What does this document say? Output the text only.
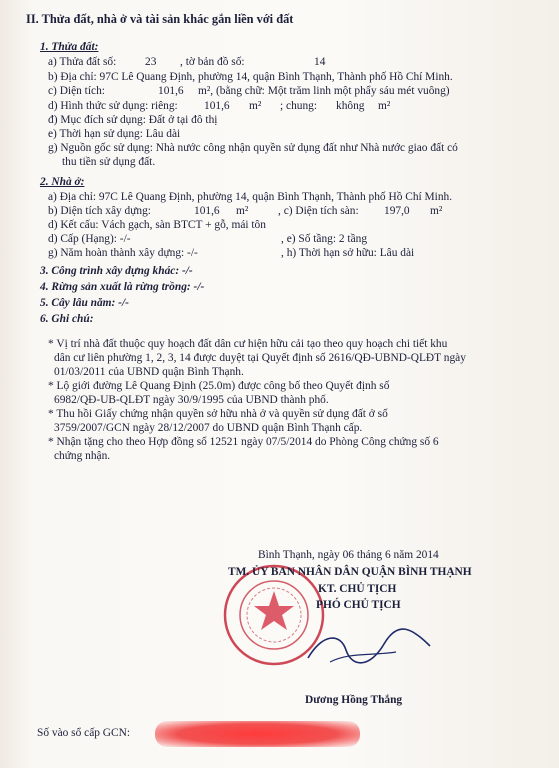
II. Thửa đất, nhà ở và tài sản khác gắn liền với đất
1. Thửa đất:
a) Thửa đất số:	23 , tờ bản đồ số:	14
b) Địa chỉ: 97C Lê Quang Định, phường 14, quận Bình Thạnh, Thành phố Hồ Chí Minh.
c) Diện tích:	101,6 m², (bằng chữ: Một trăm linh một phẩy sáu mét vuông)
d) Hình thức sử dụng: riêng: 101,6 m² ; chung: không m²
đ) Mục đích sử dụng: Đất ở tại đô thị
e) Thời hạn sử dụng: Lâu dài
g) Nguồn gốc sử dụng: Nhà nước công nhận quyền sử dụng đất như Nhà nước giao đất có
thu tiền sử dụng đất.
2. Nhà ở:
a) Địa chỉ: 97C Lê Quang Định, phường 14, quận Bình Thạnh, Thành phố Hồ Chí Minh.
b) Diện tích xây dựng:	101,6 m²	, c) Diện tích sàn: 197,0 m²
d) Kết cấu: Vách gạch, sàn BTCT + gỗ, mái tôn
d) Cấp (Hạng): -/-	, e) Số tầng: 2 tầng
g) Năm hoàn thành xây dựng: -/-	, h) Thời hạn sở hữu: Lâu dài
3. Công trình xây dựng khác: -/-
4. Rừng sản xuất là rừng trồng: -/-
5. Cây lâu năm: -/-
6. Ghi chú:
* Vị trí nhà đất thuộc quy hoạch đất dân cư hiện hữu cải tạo theo quy hoạch chi tiết khu
dân cư liên phường 1, 2, 3, 14 được duyệt tại Quyết định số 2616/QĐ-UBND-QLĐT ngày
01/03/2011 của UBND quận Bình Thạnh.
* Lộ giới đường Lê Quang Định (25.0m) được công bố theo Quyết định số
6982/QĐ-UB-QLĐT ngày 30/9/1995 của UBND thành phố.
* Thu hồi Giấy chứng nhận quyền sở hữu nhà ở và quyền sử dụng đất ở số
3759/2007/GCN ngày 28/12/2007 do UBND quận Bình Thạnh cấp.
* Nhận tặng cho theo Hợp đồng số 12521 ngày 07/5/2014 do Phòng Công chứng số 6
chứng nhận.
Bình Thạnh, ngày 06 tháng 6 năm 2014
TM. ỦY BAN NHÂN DÂN QUẬN BÌNH THẠNH
KT. CHỦ TỊCH
PHÓ CHỦ TỊCH
Dương Hồng Thắng
Số vào sổ cấp GCN:
